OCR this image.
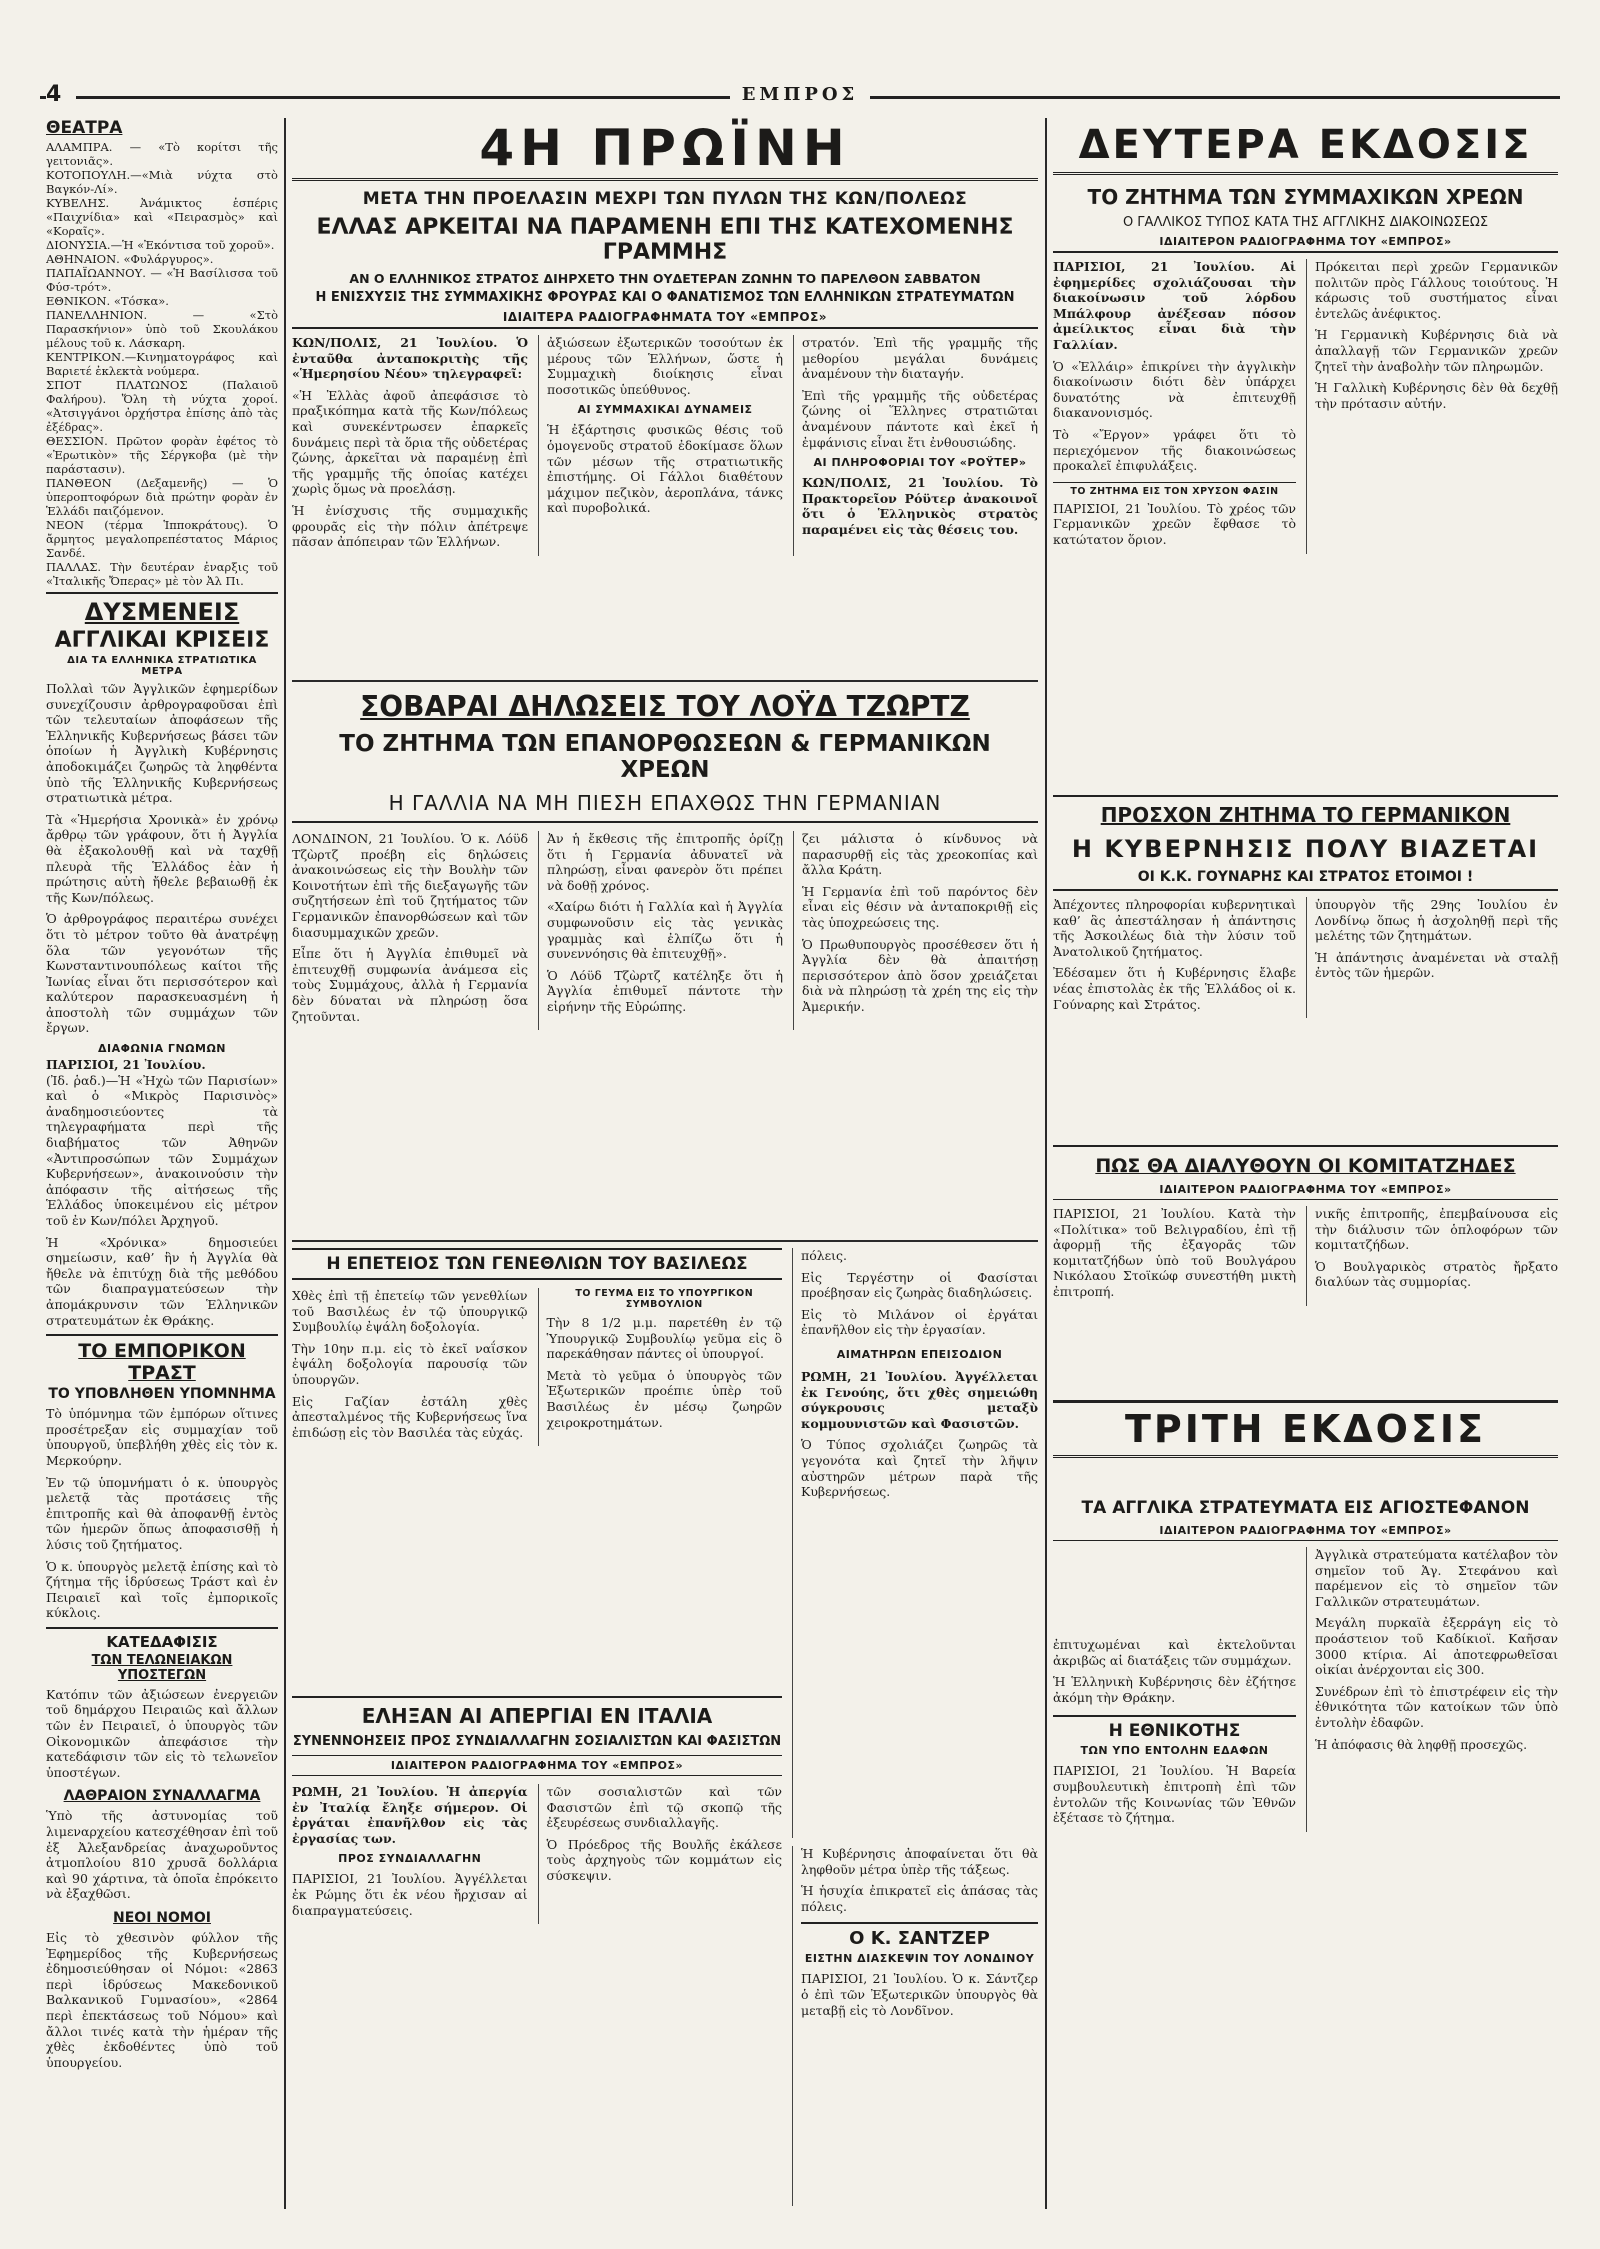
4	ΕΜΠΡΟΣ
ΘΕΑΤΡΑ
ΑΛΑΜΠΡΑ. — «Τὸ κορίτσι τῆς γειτονιᾶς».
ΚΟΤΟΠΟΥΛΗ.—«Μιὰ νύχτα στὸ Βαγκόν-Λί».
ΚΥΒΕΛΗΣ. Ἀνάμικτος ἑσπέρις «Παιχνίδια» καὶ «Πειρασμὸς» καὶ «Κοραῖς».
ΔΙΟΝΥΣΙΑ.—Ἡ «Ἐκόντισα τοῦ χοροῦ».
ΑΘΗΝΑΙΟΝ. «Φυλάργυρος».
ΠΑΠΑΪΩΑΝΝΟΥ. — «Ἡ Βασίλισσα τοῦ Φύσ-τρότ».
ΕΘΝΙΚΟΝ. «Τόσκα».
ΠΑΝΕΛΛΗΝΙΟΝ. — «Στὸ Παρασκήνιον» ὑπὸ τοῦ Σκουλάκου μέλους τοῦ κ. Λάσκαρη.
ΚΕΝΤΡΙΚΟΝ.—Κινηματογράφος καὶ Βαριετέ ἐκλεκτὰ νούμερα.
ΣΠΟΤ ΠΛΑΤΩΝΟΣ (Παλαιοῦ Φαλήρου). Ὅλη τὴ νύχτα χοροί. «Ἀτσιγγάνοι ὀρχήστρα ἐπίσης ἀπὸ τὰς ἐξέδρας».
ΘΕΣΣΙΟΝ. Πρῶτον φορὰν ἐφέτος τὸ «Ἐρωτικὸν» τῆς Σέργκοβα (μὲ τὴν παράστασιν).
ΠΑΝΘΕΟΝ (Δεξαμενῆς) — Ὁ ὑπεροπτοφόρων διὰ πρώτην φορὰν ἐν Ἑλλάδι παιζόμενον.
ΝΕΟΝ (τέρμα Ἱπποκράτους). Ὁ ἄρμητος μεγαλοπρεπέστατος Μάριος Σανδέ.
ΠΑΛΛΑΣ. Τὴν δευτέραν ἐναρξις τοῦ «Ἰταλικῆς Ὄπερας» μὲ τὸν Ἀλ Πι.
ΔΥΣΜΕΝΕΙΣ
ΑΓΓΛΙΚΑΙ ΚΡΙΣΕΙΣ
ΔΙΑ ΤΑ ΕΛΛΗΝΙΚΑ ΣΤΡΑΤΙΩΤΙΚΑ ΜΕΤΡΑ

Πολλαὶ τῶν Ἀγγλικῶν ἐφημερίδων συνεχίζουσιν ἀρθρογραφοῦσαι ἐπὶ τῶν τελευταίων ἀποφάσεων τῆς Ἑλληνικῆς Κυβερνήσεως βάσει τῶν ὁποίων ἡ Ἀγγλικὴ Κυβέρνησις ἀποδοκιμάζει ζωηρῶς τὰ ληφθέντα ὑπὸ τῆς Ἑλληνικῆς Κυβερνήσεως στρατιωτικὰ μέτρα.

Τὰ «Ἡμερήσια Χρονικὰ» ἐν χρόνῳ ἄρθρῳ τῶν γράφουν, ὅτι ἡ Ἀγγλία θὰ ἐξακολουθῇ καὶ νὰ ταχθῇ πλευρὰ τῆς Ἑλλάδος ἐὰν ἡ πρώτησις αὐτὴ ἤθελε βεβαιωθῇ ἐκ τῆς Κων/πόλεως.

Ὁ ἀρθρογράφος περαιτέρω συνέχει ὅτι τὸ μέτρον τοῦτο θὰ ἀνατρέψῃ ὅλα τῶν γεγονότων τῆς Κωνσταντινουπόλεως καίτοι τῆς Ἰωνίας εἶναι ὅτι περισσότερον καὶ καλύτερον παρασκευασμένη ἡ ἀποστολὴ τῶν συμμάχων τῶν ἔργων.

ΔΙΑΦΩΝΙΑ ΓΝΩΜΩΝ

ΠΑΡΙΣΙΟΙ, 21 Ἰουλίου.

(Ἰδ. ῥαδ.)—Ἡ «Ἠχὼ τῶν Παρισίων» καὶ ὁ «Μικρὸς Παρισινὸς» ἀναδημοσιεύοντες τὰ τηλεγραφήματα περὶ τῆς διαβήματος τῶν Ἀθηνῶν «Ἀντιπροσώπων τῶν Συμμάχων Κυβερνήσεων», ἀνακοινούσιν τὴν ἀπόφασιν τῆς αἰτήσεως τῆς Ἑλλάδος ὑποκειμένου εἰς μέτρον τοῦ ἐν Κων/πόλει Ἀρχηγοῦ.

Ἡ «Χρόνικα» δημοσιεύει σημείωσιν, καθ’ ἣν ἡ Ἀγγλία θὰ ἤθελε νὰ ἐπιτύχῃ διὰ τῆς μεθόδου τῶν διαπραγματεύσεων τὴν ἀπομάκρυνσιν τῶν Ἑλληνικῶν στρατευμάτων ἐκ Θράκης.

ΤΟ ΕΜΠΟΡΙΚΟΝ ΤΡΑΣΤ
ΤΟ ΥΠΟΒΛΗΘΕΝ ΥΠΟΜΝΗΜΑ

Τὸ ὑπόμνημα τῶν ἐμπόρων οἵτινες προσέτρεξαν εἰς συμμαχίαν τοῦ ὑπουργοῦ, ὑπεβλήθη χθὲς εἰς τὸν κ. Μερκούρην.

Ἐν τῷ ὑπομνήματι ὁ κ. ὑπουργὸς μελετᾷ τὰς προτάσεις τῆς ἐπιτροπῆς καὶ θὰ ἀποφανθῇ ἐντὸς τῶν ἡμερῶν ὅπως ἀποφασισθῇ ἡ λύσις τοῦ ζητήματος.

Ὁ κ. ὑπουργὸς μελετᾷ ἐπίσης καὶ τὸ ζήτημα τῆς ἱδρύσεως Τράστ καὶ ἐν Πειραιεῖ καὶ τοῖς ἐμπορικοῖς κύκλοις.

ΚΑΤΕΔΑΦΙΣΙΣ
ΤΩΝ ΤΕΛΩΝΕΙΑΚΩΝ ΥΠΟΣΤΕΓΩΝ

Κατόπιν τῶν ἀξιώσεων ἐνεργειῶν τοῦ δημάρχου Πειραιῶς καὶ ἄλλων τῶν ἐν Πειραιεῖ, ὁ ὑπουργὸς τῶν Οἰκονομικῶν ἀπεφάσισε τὴν κατεδάφισιν τῶν εἰς τὸ τελωνεῖον ὑποστέγων.

ΛΑΘΡΑΙΟΝ ΣΥΝΑΛΛΑΓΜΑ

Ὑπὸ τῆς ἀστυνομίας τοῦ λιμεναρχείου κατεσχέθησαν ἐπὶ τοῦ ἐξ Ἀλεξανδρείας ἀναχωροῦντος ἀτμοπλοίου 810 χρυσᾶ δολλάρια καὶ 90 χάρτινα, τὰ ὁποῖα ἐπρόκειτο νὰ ἐξαχθῶσι.

ΝΕΟΙ ΝΟΜΟΙ

Εἰς τὸ χθεσινὸν φύλλον τῆς Ἐφημερίδος τῆς Κυβερνήσεως ἐδημοσιεύθησαν οἱ Νόμοι: «2863 περὶ ἱδρύσεως Μακεδονικοῦ Βαλκανικοῦ Γυμνασίου», «2864 περὶ ἐπεκτάσεως τοῦ Νόμου» καὶ ἄλλοι τινές κατὰ τὴν ἡμέραν τῆς χθὲς ἐκδοθέντες ὑπὸ τοῦ ὑπουργείου.

4Η ΠΡΩΪΝΗ
ΜΕΤΑ ΤΗΝ ΠΡΟΕΛΑΣΙΝ ΜΕΧΡΙ ΤΩΝ ΠΥΛΩΝ ΤΗΣ ΚΩΝ/ΠΟΛΕΩΣ
ΕΛΛΑΣ ΑΡΚΕΙΤΑΙ ΝΑ ΠΑΡΑΜΕΝΗ ΕΠΙ ΤΗΣ ΚΑΤΕΧΟΜΕΝΗΣ ΓΡΑΜΜΗΣ
ΑΝ Ο ΕΛΛΗΝΙΚΟΣ ΣΤΡΑΤΟΣ ΔΙΗΡΧΕΤΟ ΤΗΝ ΟΥΔΕΤΕΡΑΝ ΖΩΝΗΝ ΤΟ ΠΑΡΕΛΘΟΝ ΣΑΒΒΑΤΟΝ
Η ΕΝΙΣΧΥΣΙΣ ΤΗΣ ΣΥΜΜΑΧΙΚΗΣ ΦΡΟΥΡΑΣ ΚΑΙ Ο ΦΑΝΑΤΙΣΜΟΣ ΤΩΝ ΕΛΛΗΝΙΚΩΝ ΣΤΡΑΤΕΥΜΑΤΩΝ
ΙΔΙΑΙΤΕΡΑ ΡΑΔΙΟΓΡΑΦΗΜΑΤΑ ΤΟΥ «ΕΜΠΡΟΣ»

ΚΩΝ/ΠΟΛΙΣ, 21 Ἰουλίου. Ὁ ἐνταῦθα ἀνταποκριτὴς τῆς «Ἡμερησίου Νέου» τηλεγραφεῖ:

«Ἡ Ἑλλὰς ἀφοῦ ἀπεφάσισε τὸ πραξικόπημα κατὰ τῆς Κων/πόλεως καὶ συνεκέντρωσεν ἐπαρκεῖς δυνάμεις περὶ τὰ ὅρια τῆς οὐδετέρας ζώνης, ἀρκεῖται νὰ παραμένῃ ἐπὶ τῆς γραμμῆς τῆς ὁποίας κατέχει χωρὶς ὅμως νὰ προελάσῃ.

Ἡ ἐνίσχυσις τῆς συμμαχικῆς φρουρᾶς εἰς τὴν πόλιν ἀπέτρεψε πᾶσαν ἀπόπειραν τῶν Ἑλλήνων.

ἀξιώσεων ἐξωτερικῶν τοσούτων ἐκ μέρους τῶν Ἑλλήνων, ὥστε ἡ Συμμαχικὴ διοίκησις εἶναι ποσοτικῶς ὑπεύθυνος.

ΑΙ ΣΥΜΜΑΧΙΚΑΙ ΔΥΝΑΜΕΙΣ

Ἡ ἐξάρτησις φυσικῶς θέσις τοῦ ὁμογενοῦς στρατοῦ ἐδοκίμασε ὅλων τῶν μέσων τῆς στρατιωτικῆς ἐπιστήμης. Οἱ Γάλλοι διαθέτουν μάχιμον πεζικὸν, ἀεροπλάνα, τάνκς καὶ πυροβολικά.

στρατόν. Ἐπὶ τῆς γραμμῆς τῆς μεθορίου μεγάλαι δυνάμεις ἀναμένουν τὴν διαταγήν.

Ἐπὶ τῆς γραμμῆς τῆς οὐδετέρας ζώνης οἱ Ἕλληνες στρατιῶται ἀναμένουν πάντοτε καὶ ἐκεῖ ἡ ἐμφάνισις εἶναι ἔτι ἐνθουσιώδης.

ΑΙ ΠΛΗΡΟΦΟΡΙΑΙ ΤΟΥ «ΡΟΫΤΕΡ»

ΚΩΝ/ΠΟΛΙΣ, 21 Ἰουλίου. Τὸ Πρακτορεῖον Ρόϋτερ ἀνακοινοῖ ὅτι ὁ Ἑλληνικὸς στρατὸς παραμένει εἰς τὰς θέσεις του.

ΣΟΒΑΡΑΙ ΔΗΛΩΣΕΙΣ ΤΟΥ ΛΟΫΔ ΤΖΩΡΤΖ
ΤΟ ΖΗΤΗΜΑ ΤΩΝ ΕΠΑΝΟΡΘΩΣΕΩΝ & ΓΕΡΜΑΝΙΚΩΝ ΧΡΕΩΝ
Η ΓΑΛΛΙΑ ΝΑ ΜΗ ΠΙΕΣΗ ΕΠΑΧΘΩΣ ΤΗΝ ΓΕΡΜΑΝΙΑΝ

ΛΟΝΔΙΝΟΝ, 21 Ἰουλίου. Ὁ κ. Λόϋδ Τζὼρτζ προέβη εἰς δηλώσεις ἀνακοινώσεως εἰς τὴν Βουλὴν τῶν Κοινοτήτων ἐπὶ τῆς διεξαγωγῆς τῶν συζητήσεων ἐπὶ τοῦ ζητήματος τῶν Γερμανικῶν ἐπανορθώσεων καὶ τῶν διασυμμαχικῶν χρεῶν.

Εἶπε ὅτι ἡ Ἀγγλία ἐπιθυμεῖ νὰ ἐπιτευχθῇ συμφωνία ἀνάμεσα εἰς τοὺς Συμμάχους, ἀλλὰ ἡ Γερμανία δὲν δύναται νὰ πληρώσῃ ὅσα ζητοῦνται.

Ἀν ἡ ἔκθεσις τῆς ἐπιτροπῆς ὁρίζῃ ὅτι ἡ Γερμανία ἀδυνατεῖ νὰ πληρώσῃ, εἶναι φανερὸν ὅτι πρέπει νὰ δοθῇ χρόνος.

«Χαίρω διότι ἡ Γαλλία καὶ ἡ Ἀγγλία συμφωνοῦσιν εἰς τὰς γενικὰς γραμμὰς καὶ ἐλπίζω ὅτι ἡ συνεννόησις θὰ ἐπιτευχθῇ».

Ὁ Λόϋδ Τζὼρτζ κατέληξε ὅτι ἡ Ἀγγλία ἐπιθυμεῖ πάντοτε τὴν εἰρήνην τῆς Εὐρώπης.

ζει μάλιστα ὁ κίνδυνος νὰ παρασυρθῇ εἰς τὰς χρεοκοπίας καὶ ἄλλα Κράτη.

Ἡ Γερμανία ἐπὶ τοῦ παρόντος δὲν εἶναι εἰς θέσιν νὰ ἀνταποκριθῇ εἰς τὰς ὑποχρεώσεις της.

Ὁ Πρωθυπουργὸς προσέθεσεν ὅτι ἡ Ἀγγλία δὲν θὰ ἀπαιτήσῃ περισσότερον ἀπὸ ὅσον χρειάζεται διὰ νὰ πληρώσῃ τὰ χρέη της εἰς τὴν Ἀμερικήν.

Η ΕΠΕΤΕΙΟΣ ΤΩΝ ΓΕΝΕΘΛΙΩΝ ΤΟΥ ΒΑΣΙΛΕΩΣ

Χθὲς ἐπὶ τῇ ἐπετείῳ τῶν γενεθλίων τοῦ Βασιλέως ἐν τῷ ὑπουργικῷ Συμβουλίῳ ἐψάλη δοξολογία.

Τὴν 10ην π.μ. εἰς τὸ ἐκεῖ ναΐσκον ἐψάλη δοξολογία παρουσίᾳ τῶν ὑπουργῶν.

Εἰς Γαζίαν ἐστάλη χθὲς ἀπεσταλμένος τῆς Κυβερνήσεως ἵνα ἐπιδώσῃ εἰς τὸν Βασιλέα τὰς εὐχάς.

ΤΟ ΓΕΥΜΑ ΕΙΣ ΤΟ ΥΠΟΥΡΓΙΚΟΝ ΣΥΜΒΟΥΛΙΟΝ

Τὴν 8 1/2 μ.μ. παρετέθη ἐν τῷ Ὑπουργικῷ Συμβουλίῳ γεῦμα εἰς ὃ παρεκάθησαν πάντες οἱ ὑπουργοί.

Μετὰ τὸ γεῦμα ὁ ὑπουργὸς τῶν Ἐξωτερικῶν προέπιε ὑπὲρ τοῦ Βασιλέως ἐν μέσῳ ζωηρῶν χειροκροτημάτων.

πόλεις.

Εἰς Τεργέστην οἱ Φασίσται προέβησαν εἰς ζωηρὰς διαδηλώσεις.

Εἰς τὸ Μιλάνον οἱ ἐργάται ἐπανῆλθον εἰς τὴν ἐργασίαν.

ΑΙΜΑΤΗΡΩΝ ΕΠΕΙΣΟΔΙΟΝ

ΡΩΜΗ, 21 Ἰουλίου. Ἀγγέλλεται ἐκ Γενούης, ὅτι χθὲς σημειώθη σύγκρουσις μεταξὺ κομμουνιστῶν καὶ Φασιστῶν.

Ὁ Τύπος σχολιάζει ζωηρῶς τὰ γεγονότα καὶ ζητεῖ τὴν λῆψιν αὐστηρῶν μέτρων παρὰ τῆς Κυβερνήσεως.

ΕΛΗΞΑΝ ΑΙ ΑΠΕΡΓΙΑΙ ΕΝ ΙΤΑΛΙΑ
ΣΥΝΕΝΝΟΗΣΕΙΣ ΠΡΟΣ ΣΥΝΔΙΑΛΛΑΓΗΝ ΣΟΣΙΑΛΙΣΤΩΝ ΚΑΙ ΦΑΣΙΣΤΩΝ
ΙΔΙΑΙΤΕΡΟΝ ΡΑΔΙΟΓΡΑΦΗΜΑ ΤΟΥ «ΕΜΠΡΟΣ»

ΡΩΜΗ, 21 Ἰουλίου. Ἡ ἀπεργία ἐν Ἰταλίᾳ ἔληξε σήμερον. Οἱ ἐργάται ἐπανῆλθον εἰς τὰς ἐργασίας των.

ΠΡΟΣ ΣΥΝΔΙΑΛΛΑΓΗΝ

ΠΑΡΙΣΙΟΙ, 21 Ἰουλίου. Ἀγγέλλεται ἐκ Ρώμης ὅτι ἐκ νέου ἤρχισαν αἱ διαπραγματεύσεις.

τῶν σοσιαλιστῶν καὶ τῶν Φασιστῶν ἐπὶ τῷ σκοπῷ τῆς ἐξευρέσεως συνδιαλλαγῆς.

Ὁ Πρόεδρος τῆς Βουλῆς ἐκάλεσε τοὺς ἀρχηγοὺς τῶν κομμάτων εἰς σύσκεψιν.

Ἡ Κυβέρνησις ἀποφαίνεται ὅτι θὰ ληφθοῦν μέτρα ὑπὲρ τῆς τάξεως.

Ἡ ἡσυχία ἐπικρατεῖ εἰς ἁπάσας τὰς πόλεις.

Ο Κ. ΣΑΝΤΖΕΡ
ΕΙΣΤΗΝ ΔΙΑΣΚΕΨΙΝ ΤΟΥ ΛΟΝΔΙΝΟΥ

ΠΑΡΙΣΙΟΙ, 21 Ἰουλίου. Ὁ κ. Σάντζερ ὁ ἐπὶ τῶν Ἐξωτερικῶν ὑπουργὸς θὰ μεταβῇ εἰς τὸ Λονδῖνον.

ΔΕΥΤΕΡΑ ΕΚΔΟΣΙΣ
ΤΟ ΖΗΤΗΜΑ ΤΩΝ ΣΥΜΜΑΧΙΚΩΝ ΧΡΕΩΝ
Ο ΓΑΛΛΙΚΟΣ ΤΥΠΟΣ ΚΑΤΑ ΤΗΣ ΑΓΓΛΙΚΗΣ ΔΙΑΚΟΙΝΩΣΕΩΣ
ΙΔΙΑΙΤΕΡΟΝ ΡΑΔΙΟΓΡΑΦΗΜΑ ΤΟΥ «ΕΜΠΡΟΣ»

ΠΑΡΙΣΙΟΙ, 21 Ἰουλίου. Αἱ ἐφημερίδες σχολιάζουσαι τὴν διακοίνωσιν τοῦ λόρδου Μπάλφουρ ἀνέξεσαν πόσον ἀμείλικτος εἶναι διὰ τὴν Γαλλίαν.

Ὁ «Ἐλλάιρ» ἐπικρίνει τὴν ἀγγλικὴν διακοίνωσιν διότι δὲν ὑπάρχει δυνατότης νὰ ἐπιτευχθῇ διακανονισμός.

Τὸ «Ἔργον» γράφει ὅτι τὸ περιεχόμενον τῆς διακοινώσεως προκαλεῖ ἐπιφυλάξεις.

ΤΟ ΖΗΤΗΜΑ ΕΙΣ ΤΟΝ ΧΡΥΣΟΝ ΦΑΣΙΝ

ΠΑΡΙΣΙΟΙ, 21 Ἰουλίου. Τὸ χρέος τῶν Γερμανικῶν χρεῶν ἔφθασε τὸ κατώτατον ὅριον.

Πρόκειται περὶ χρεῶν Γερμανικῶν πολιτῶν πρὸς Γάλλους τοιούτους. Ἡ κάρωσις τοῦ συστήματος εἶναι ἐντελῶς ἀνέφικτος.

Ἡ Γερμανικὴ Κυβέρνησις διὰ νὰ ἀπαλλαγῇ τῶν Γερμανικῶν χρεῶν ζητεῖ τὴν ἀναβολὴν τῶν πληρωμῶν.

Ἡ Γαλλικὴ Κυβέρνησις δὲν θὰ δεχθῇ τὴν πρότασιν αὐτήν.

ΠΡΟΣΧΟΝ ΖΗΤΗΜΑ ΤΟ ΓΕΡΜΑΝΙΚΟΝ
Η ΚΥΒΕΡΝΗΣΙΣ ΠΟΛΥ ΒΙΑΖΕΤΑΙ
ΟΙ Κ.Κ. ΓΟΥΝΑΡΗΣ ΚΑΙ ΣΤΡΑΤΟΣ ΕΤΟΙΜΟΙ !

Ἀπέχοντες πληροφορίαι κυβερνητικαὶ καθ’ ἃς ἀπεστάλησαν ἡ ἀπάντησις τῆς Ἀσκοιλέως διὰ τὴν λύσιν τοῦ Ἀνατολικοῦ ζητήματος.

Ἐδέσαμεν ὅτι ἡ Κυβέρνησις ἔλαβε νέας ἐπιστολὰς ἐκ τῆς Ἑλλάδος οἱ κ. Γούναρης καὶ Στράτος.

ὑπουργὸν τῆς 29ης Ἰουλίου ἐν Λονδίνῳ ὅπως ἡ ἀσχοληθῇ περὶ τῆς μελέτης τῶν ζητημάτων.

Ἡ ἀπάντησις ἀναμένεται νὰ σταλῇ ἐντὸς τῶν ἡμερῶν.

ΠΩΣ ΘΑ ΔΙΑΛΥΘΟΥΝ ΟΙ ΚΟΜΙΤΑΤΖΗΔΕΣ
ΙΔΙΑΙΤΕΡΟΝ ΡΑΔΙΟΓΡΑΦΗΜΑ ΤΟΥ «ΕΜΠΡΟΣ»

ΠΑΡΙΣΙΟΙ, 21 Ἰουλίου. Κατὰ τὴν «Πολίτικα» τοῦ Βελιγραδίου, ἐπὶ τῇ ἀφορμῇ τῆς ἐξαγορᾶς τῶν κομιτατζήδων ὑπὸ τοῦ Βουλγάρου Νικόλαου Στοϊκώφ συνεστήθη μικτὴ ἐπιτροπή.

νικῆς ἐπιτροπῆς, ἐπεμβαίνουσα εἰς τὴν διάλυσιν τῶν ὁπλοφόρων τῶν κομιτατζήδων.

Ὁ Βουλγαρικὸς στρατὸς ἤρξατο διαλύων τὰς συμμορίας.

ΤΡΙΤΗ ΕΚΔΟΣΙΣ
ΤΑ ΑΓΓΛΙΚΑ ΣΤΡΑΤΕΥΜΑΤΑ ΕΙΣ ΑΓΙΟΣΤΕΦΑΝΟΝ
ΙΔΙΑΙΤΕΡΟΝ ΡΑΔΙΟΓΡΑΦΗΜΑ ΤΟΥ «ΕΜΠΡΟΣ»

ἐπιτυχωμέναι καὶ ἐκτελοῦνται ἀκριβῶς αἱ διατάξεις τῶν συμμάχων.

Ἡ Ἑλληνικὴ Κυβέρνησις δὲν ἐζήτησε ἀκόμη τὴν Θράκην.

Η ΕΘΝΙΚΟΤΗΣ
ΤΩΝ ΥΠΟ ΕΝΤΟΛΗΝ ΕΔΑΦΩΝ

ΠΑΡΙΣΙΟΙ, 21 Ἰουλίου. Ἡ Βαρεία συμβουλευτικὴ ἐπιτροπὴ ἐπὶ τῶν ἐντολῶν τῆς Κοινωνίας τῶν Ἐθνῶν ἐξέτασε τὸ ζήτημα.

Ἀγγλικὰ στρατεύματα κατέλαβον τὸν σημεῖον τοῦ Ἁγ. Στεφάνου καὶ παρέμενον εἰς τὸ σημεῖον τῶν Γαλλικῶν στρατευμάτων.

Μεγάλη πυρκαϊὰ ἐξερράγη εἰς τὸ προάστειον τοῦ Καδίκιοϊ. Καῆσαν 3000 κτίρια. Αἱ ἀποτεφρωθεῖσαι οἰκίαι ἀνέρχονται εἰς 300.

Συνέδρων ἐπὶ τὸ ἐπιστρέφειν εἰς τὴν ἐθνικότητα τῶν κατοίκων τῶν ὑπὸ ἐντολὴν ἐδαφῶν.

Ἡ ἀπόφασις θὰ ληφθῇ προσεχῶς.
